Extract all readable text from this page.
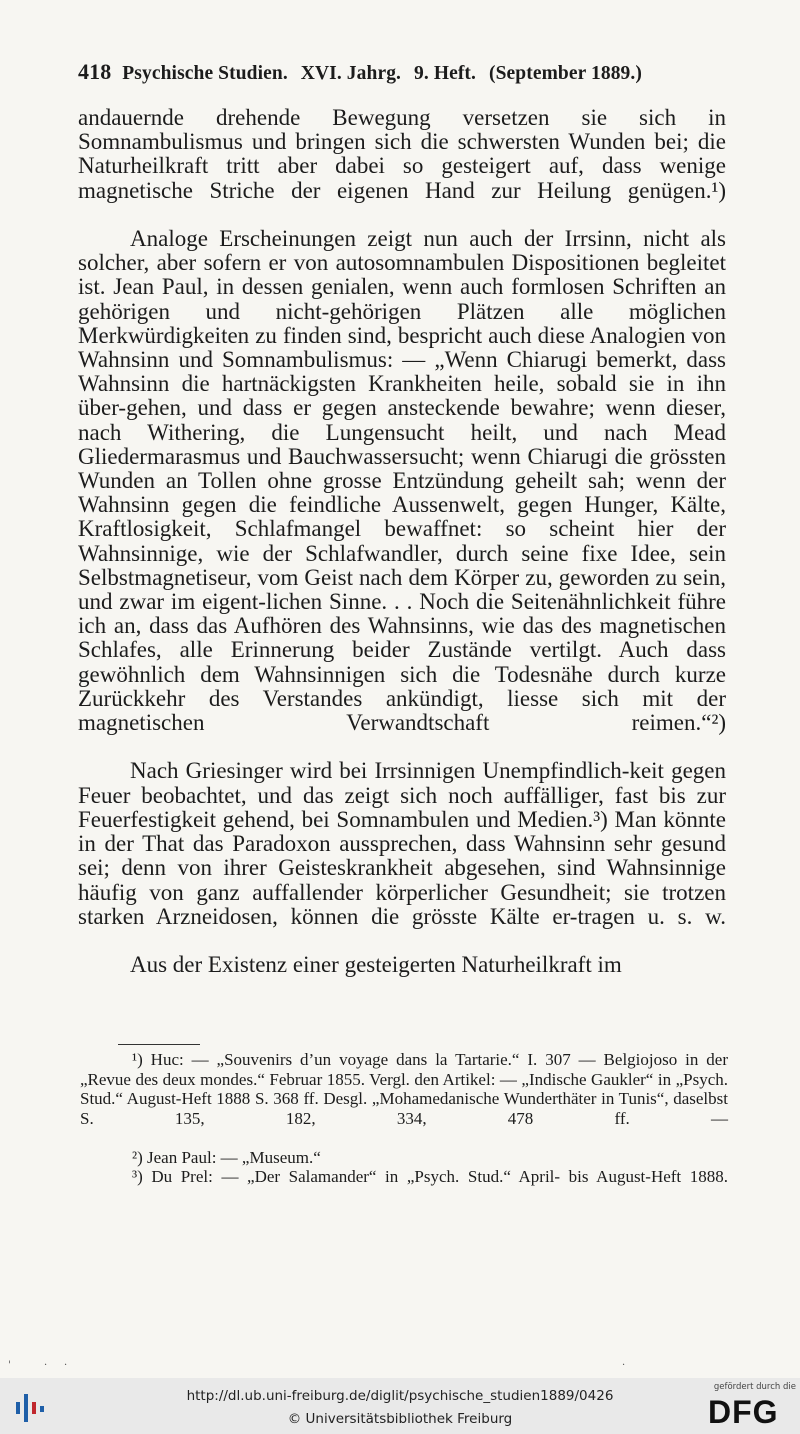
418 Psychische Studien. XVI. Jahrg. 9. Heft. (September 1889.)

andauernde drehende Bewegung versetzen sie sich in Somnambulismus und bringen sich die schwersten Wunden bei; die Naturheilkraft tritt aber dabei so gesteigert auf, dass wenige magnetische Striche der eigenen Hand zur Heilung genügen.¹)

Analoge Erscheinungen zeigt nun auch der Irrsinn, nicht als solcher, aber sofern er von autosomnambulen Dispositionen begleitet ist. Jean Paul, in dessen genialen, wenn auch formlosen Schriften an gehörigen und nicht-gehörigen Plätzen alle möglichen Merkwürdigkeiten zu finden sind, bespricht auch diese Analogien von Wahnsinn und Somnambulismus: — „Wenn Chiarugi bemerkt, dass Wahnsinn die hartnäckigsten Krankheiten heile, sobald sie in ihn über-gehen, und dass er gegen ansteckende bewahre; wenn dieser, nach Withering, die Lungensucht heilt, und nach Mead Gliedermarasmus und Bauchwassersucht; wenn Chiarugi die grössten Wunden an Tollen ohne grosse Entzündung geheilt sah; wenn der Wahnsinn gegen die feindliche Aussenwelt, gegen Hunger, Kälte, Kraftlosigkeit, Schlafmangel bewaffnet: so scheint hier der Wahnsinnige, wie der Schlafwandler, durch seine fixe Idee, sein Selbstmagnetiseur, vom Geist nach dem Körper zu, geworden zu sein, und zwar im eigent-lichen Sinne. . . Noch die Seitenähnlichkeit führe ich an, dass das Aufhören des Wahnsinns, wie das des magnetischen Schlafes, alle Erinnerung beider Zustände vertilgt. Auch dass gewöhnlich dem Wahnsinnigen sich die Todesnähe durch kurze Zurückkehr des Verstandes ankündigt, liesse sich mit der magnetischen Verwandtschaft reimen.“²)

Nach Griesinger wird bei Irrsinnigen Unempfindlich-keit gegen Feuer beobachtet, und das zeigt sich noch auffälliger, fast bis zur Feuerfestigkeit gehend, bei Somnambulen und Medien.³) Man könnte in der That das Paradoxon aussprechen, dass Wahnsinn sehr gesund sei; denn von ihrer Geisteskrankheit abgesehen, sind Wahnsinnige häufig von ganz auffallender körperlicher Gesundheit; sie trotzen starken Arzneidosen, können die grösste Kälte er-tragen u. s. w.

Aus der Existenz einer gesteigerten Naturheilkraft im

¹) Huc: — „Souvenirs d’un voyage dans la Tartarie.“ I. 307 — Belgiojoso in der „Revue des deux mondes.“ Februar 1855. Vergl. den Artikel: — „Indische Gaukler“ in „Psych. Stud.“ August-Heft 1888 S. 368 ff. Desgl. „Mohamedanische Wunderthäter in Tunis“, daselbst S. 135, 182, 334, 478 ff. —

²) Jean Paul: — „Museum.“

³) Du Prel: — „Der Salamander“ in „Psych. Stud.“ April- bis August-Heft 1888.

'	· ·	·
http://dl.ub.uni-freiburg.de/diglit/psychische_studien1889/0426
© Universitätsbibliothek Freiburg
gefördert durch die
DFG
